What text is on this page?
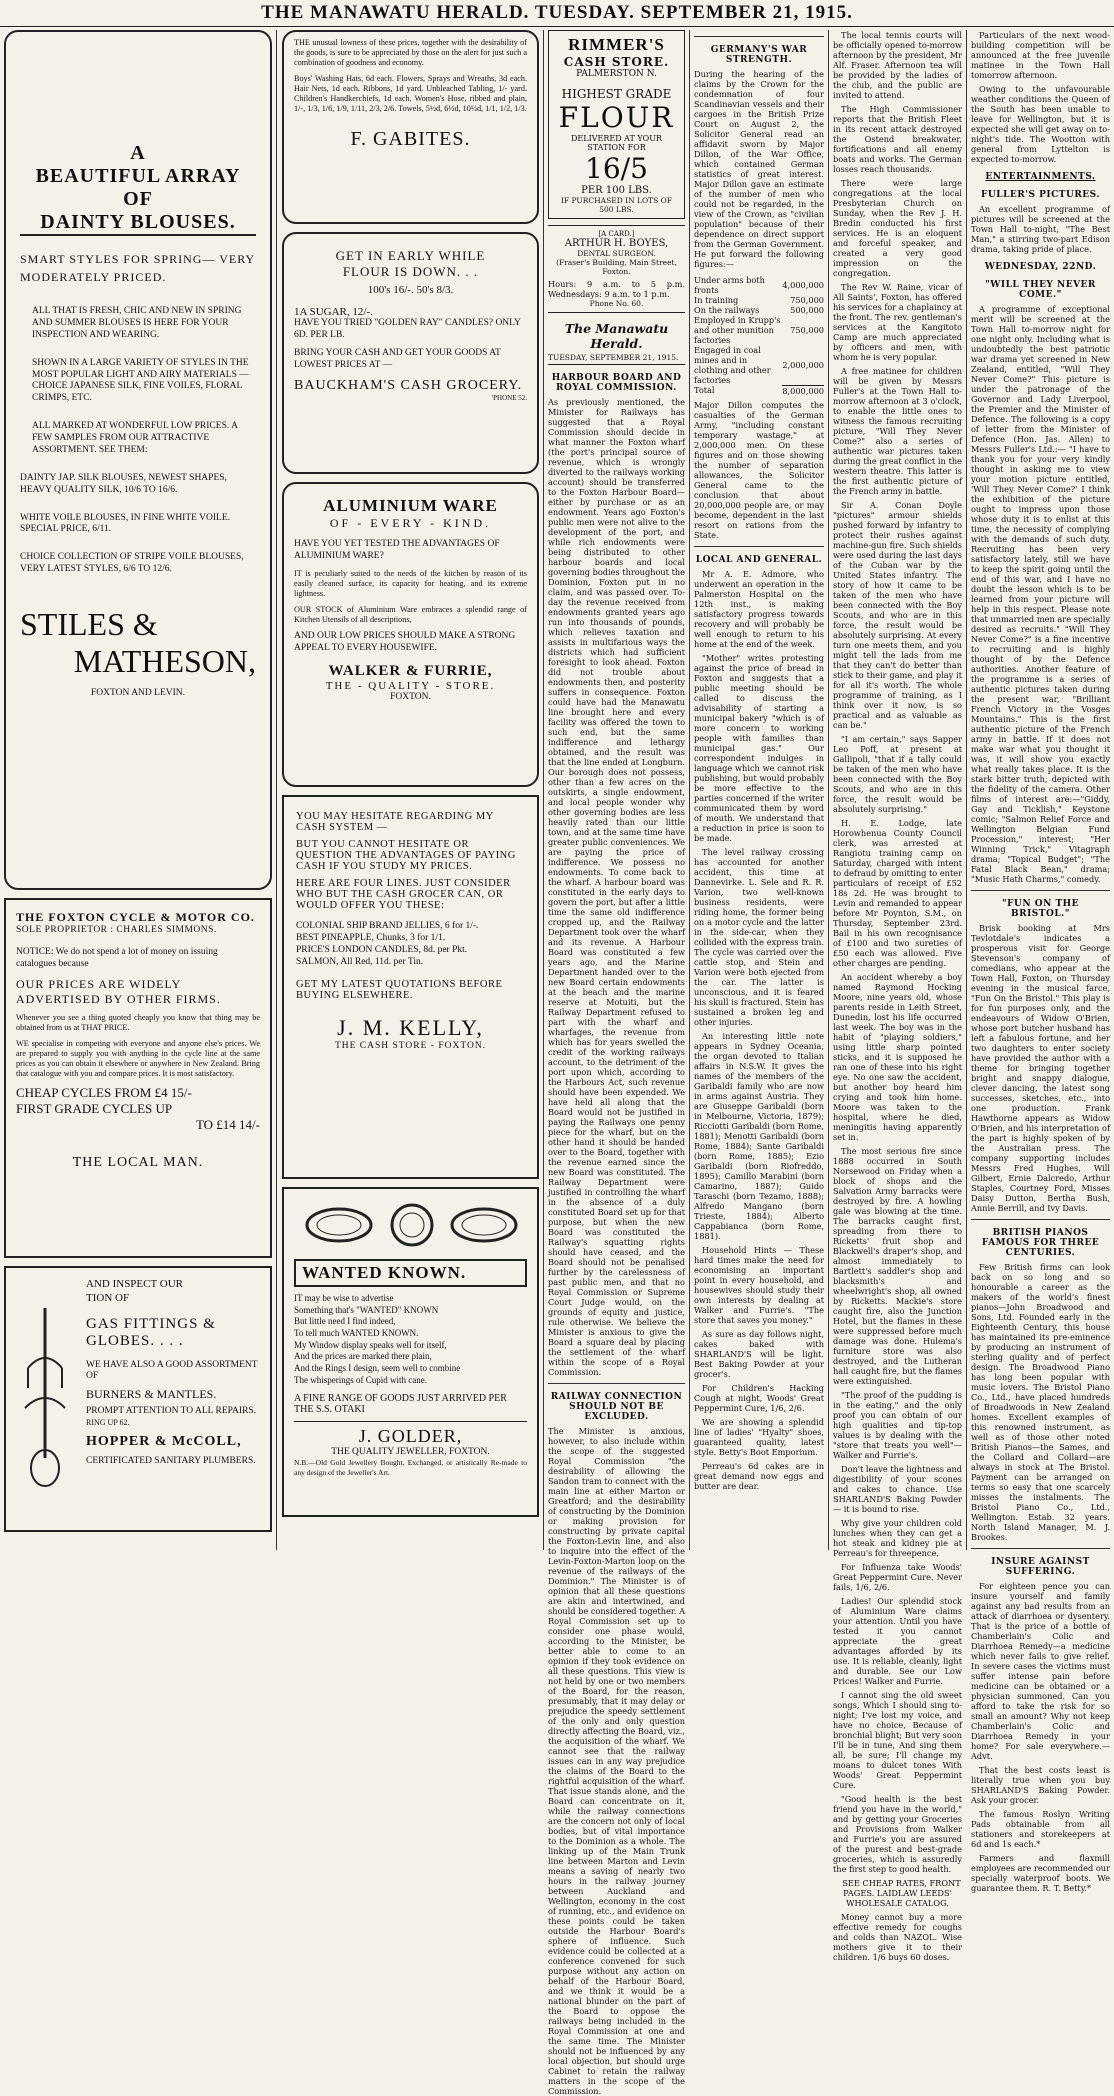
THE MANAWATU HERALD. TUESDAY. SEPTEMBER 21, 1915.
A
BEAUTIFUL ARRAY
OF
DAINTY BLOUSES.

SMART STYLES FOR SPRING— VERY MODERATELY PRICED.

ALL THAT IS FRESH, CHIC AND NEW IN SPRING AND SUMMER BLOUSES IS HERE FOR YOUR INSPECTION AND WEARING.

SHOWN IN A LARGE VARIETY OF STYLES IN THE MOST POPULAR LIGHT AND AIRY MATERIALS — CHOICE JAPANESE SILK, FINE VOILES, FLORAL CRIMPS, ETC.

ALL MARKED AT WONDERFUL LOW PRICES. A FEW SAMPLES FROM OUR ATTRACTIVE ASSORTMENT. SEE THEM:

DAINTY JAP. SILK BLOUSES, NEWEST SHAPES, HEAVY QUALITY SILK, 10/6 TO 16/6.

WHITE VOILE BLOUSES, IN FINE WHITE VOILE. SPECIAL PRICE, 6/11.

CHOICE COLLECTION OF STRIPE VOILE BLOUSES, VERY LATEST STYLES, 6/6 TO 12/6.

STILES &
MATHESON,
FOXTON AND LEVIN.
THE FOXTON CYCLE & MOTOR CO.
SOLE PROPRIETOR : CHARLES SIMMONS.

NOTICE: We do not spend a lot of money on issuing catalogues because

OUR PRICES ARE WIDELY ADVERTISED BY OTHER FIRMS.

Whenever you see a thing quoted cheaply you know that thing may be obtained from us at THAT PRICE.

WE specialise in competing with everyone and anyone else's prices. We are prepared to supply you with anything in the cycle line at the same prices as you can obtain it elsewhere or anywhere in New Zealand. Bring that catalogue with you and compare prices. It is most satisfactory.

CHEAP CYCLES FROM £4 15/-
FIRST GRADE CYCLES UP
TO £14 14/-
THE LOCAL MAN.
AND INSPECT OUR
TION OF
GAS FITTINGS & GLOBES. . . .
WE HAVE ALSO A GOOD ASSORTMENT OF
BURNERS & MANTLES.
PROMPT ATTENTION TO ALL REPAIRS.
RING UP 62.
HOPPER & McCOLL,
CERTIFICATED SANITARY PLUMBERS.

THE unusual lowness of these prices, together with the desirability of the goods, is sure to be appreciated by those on the alert for just such a combination of goodness and economy.

Boys' Washing Hats, 6d each. Flowers, Sprays and Wreaths, 3d each. Hair Nets, 1d each. Ribbons, 1d yard. Unbleached Tabling, 1/- yard. Children's Handkerchiefs, 1d each. Women's Hose, ribbed and plain, 1/-, 1/3, 1/6, 1/9, 1/11, 2/3, 2/6. Towels, 5½d, 6½d, 10½d, 1/1, 1/2, 1/3.

F. GABITES.
GET IN EARLY WHILE
FLOUR IS DOWN. . .
100's 16/-. 50's 8/3.
1A SUGAR, 12/-.

HAVE YOU TRIED "GOLDEN RAY" CANDLES? ONLY 6D. PER LB.

BRING YOUR CASH AND GET YOUR GOODS AT LOWEST PRICES AT —

BAUCKHAM'S CASH GROCERY.
'PHONE 52.
ALUMINIUM WARE
OF - EVERY - KIND.

HAVE YOU YET TESTED THE ADVANTAGES OF ALUMINIUM WARE?

IT is peculiarly suited to the needs of the kitchen by reason of its easily cleaned surface, its capacity for heating, and its extreme lightness.

OUR STOCK of Aluminium Ware embraces a splendid range of Kitchen Utensils of all descriptions,

AND OUR LOW PRICES SHOULD MAKE A STRONG APPEAL TO EVERY HOUSEWIFE.

WALKER & FURRIE,
THE - QUALITY - STORE.
FOXTON.

YOU MAY HESITATE REGARDING MY CASH SYSTEM —

BUT YOU CANNOT HESITATE OR QUESTION THE ADVANTAGES OF PAYING CASH IF YOU STUDY MY PRICES.

HERE ARE FOUR LINES. JUST CONSIDER WHO BUT THE CASH GROCER CAN, OR WOULD OFFER YOU THESE:

COLONIAL SHIP BRAND JELLIES, 6 for 1/-.
BEST PINEAPPLE, Chunks, 3 for 1/1.
PRICE'S LONDON CANDLES, 8d. per Pkt.
SALMON, All Red, 11d. per Tin.

GET MY LATEST QUOTATIONS BEFORE BUYING ELSEWHERE.

J. M. KELLY,
THE CASH STORE - FOXTON.
WANTED KNOWN.
IT may be wise to advertise
Something that's "WANTED" KNOWN
But little need I find indeed,
To tell much WANTED KNOWN.
My Window display speaks well for itself,
And the prices are marked there plain,
And the Rings I design, seem well to combine
The whisperings of Cupid with cane.

A FINE RANGE OF GOODS JUST ARRIVED PER THE S.S. OTAKI

J. GOLDER,
THE QUALITY JEWELLER, FOXTON.
N.B.—Old Gold Jewellery Bought, Exchanged, or artistically Re-made to any design of the Jeweller's Art.
RIMMER'S
CASH STORE.
PALMERSTON N.
HIGHEST GRADE
FLOUR
DELIVERED AT YOUR STATION FOR
16/5
PER 100 LBS.
IF PURCHASED IN LOTS OF 500 LBS.
[A CARD.]
ARTHUR H. BOYES,
DENTAL SURGEON.
(Fraser's Building, Main Street, Foxton.
Hours: 9 a.m. to 5 p.m. Wednesdays: 9 a.m. to 1 p.m.
Phone No. 60.
The Manawatu Herald.
TUESDAY, SEPTEMBER 21, 1915.
HARBOUR BOARD AND ROYAL COMMISSION.
As previously mentioned, the Minister for Railways has suggested that a Royal Commission should decide in what manner the Foxton wharf (the port's principal source of revenue, which is wrongly diverted to the railways working account) should be transferred to the Foxton Harbour Board—either by purchase or as an endowment. Years ago Foxton's public men were not alive to the development of the port, and while rich endowments were being distributed to other harbour boards and local governing bodies throughout the Dominion, Foxton put in no claim, and was passed over. To-day the revenue received from endowments granted years ago run into thousands of pounds, which relieves taxation and assists in multifarious ways the districts which had sufficient foresight to look ahead. Foxton did not trouble about endowments then, and posterity suffers in consequence. Foxton could have had the Manawatu line brought here and every facility was offered the town to such end, but the same indifference and lethargy obtained, and the result was that the line ended at Longburn. Our borough does not possess, other than a few acres on the outskirts, a single endowment, and local people wonder why other governing bodies are less heavily rated than our little town, and at the same time have greater public conveniences. We are paying the price of indifference. We possess no endowments. To come back to the wharf. A harbour board was constituted in the early days to govern the port, but after a little time the same old indifference cropped up, and the Railway Department took over the wharf and its revenue. A Harbour Board was constituted a few years ago, and the Marine Department handed over to the new Board certain endowments at the beach and the marine reserve at Motuiti, but the Railway Department refused to part with the wharf and wharfages, the revenue from which has for years swelled the credit of the working railways account, to the detriment of the port upon which, according to the Harbours Act, such revenue should have been expended. We have held all along that the Board would not be justified in paying the Railways one penny piece for the wharf, but on the other hand it should be handed over to the Board, together with the revenue earned since the new Board was constituted. The Railway Department were justified in controlling the wharf in the absence of a duly constituted Board set up for that purpose, but when the new Board was constituted the Railway's squatting rights should have ceased, and the Board should not be penalised further by the carelessness of past public men, and that no Royal Commission or Supreme Court Judge would, on the grounds of equity and justice, rule otherwise. We believe the Minister is anxious to give the Board a square deal by placing the settlement of the wharf within the scope of a Royal Commission.
RAILWAY CONNECTION SHOULD NOT BE EXCLUDED.
The Minister is anxious, however, to also include within the scope of the suggested Royal Commission "the desirability of allowing the Sandon tram to connect with the main line at either Marton or Greatford; and the desirability of constructing by the Dominion or making provision for constructing by private capital the Foxton-Levin line, and also to inquire into the effect of the Levin-Foxton-Marton loop on the revenue of the railways of the Dominion." The Minister is of opinion that all these questions are akin and intertwined, and should be considered together. A Royal Commission set up to consider one phase would, according to the Minister, be better able to come to an opinion if they took evidence on all these questions. This view is not held by one or two members of the Board, for the reason, presumably, that it may delay or prejudice the speedy settlement of the only and only question directly affecting the Board, viz., the acquisition of the wharf. We cannot see that the railway issues can in any way prejudice the claims of the Board to the rightful acquisition of the wharf. That issue stands alone, and the Board can concentrate on it, while the railway connections are the concern not only of local bodies, but of vital importance to the Dominion as a whole. The linking up of the Main Trunk line between Marton and Levin means a saving of nearly two hours in the railway journey between Auckland and Wellington, economy in the cost of running, etc., and evidence on these points could be taken outside the Harbour Board's sphere of influence. Such evidence could be collected at a conference convened for such purpose without any action on behalf of the Harbour Board, and we think it would be a national blunder on the part of the Board to oppose the railways being included in the Royal Commission at one and the same time. The Minister should not be influenced by any local objection, but should urge Cabinet to retain the railway matters in the scope of the Commission.
GERMANY'S WAR STRENGTH.

During the hearing of the claims by the Crown for the condemnation of four Scandinavian vessels and their cargoes in the British Prize Court on August 2, the Solicitor General read an affidavit sworn by Major Dillon, of the War Office, which contained German statistics of great interest. Major Dillon gave an estimate of the number of men who could not be regarded, in the view of the Crown, as "civilian population" because of their dependence on direct support from the German Government. He put forward the following figures:—

Under arms both fronts	4,000,000
In training	750,000
On the railways	500,000
Employed in Krupp's and other munition factories	750,000
Engaged in coal mines and in clothing and other factories	2,000,000
Total	8,000,000

Major Dillon computes the casualties of the German Army, "including constant temporary wastage," at 2,000,000 men. On these figures and on those showing the number of separation allowances, the Solicitor General came to the conclusion that about 20,000,000 people are, or may become, dependent in the last resort on rations from the State.

LOCAL AND GENERAL.

Mr A. E. Admore, who underwent an operation in the Palmerston Hospital on the 12th inst., is making satisfactory progress towards recovery and will probably be well enough to return to his home at the end of the week.

"Mother" writes protesting against the price of bread in Foxton and suggests that a public meeting should be called to discuss the advisability of starting a municipal bakery "which is of more concern to working people with families than municipal gas." Our correspondent indulges in language which we cannot risk publishing, but would probably be more effective to the parties concerned if the writer communicated them by word of mouth. We understand that a reduction in price is soon to be made.

The level railway crossing has accounted for another accident, this time at Dannevirke. L. Sele and R. R. Varion, two well-known business residents, were riding home, the former being on a motor cycle and the latter in the side-car, when they collided with the express train. The cycle was carried over the cattle stop, and Stein and Varion were both ejected from the car. The latter is unconscious, and it is feared his skull is fractured. Stein has sustained a broken leg and other injuries.

An interesting little note appears in Sydney Oceania, the organ devoted to Italian affairs in N.S.W. It gives the names of the members of the Garibaldi family who are now in arms against Austria. They are Giuseppe Garibaldi (born in Melbourne, Victoria, 1879); Ricciotti Garibaldi (born Rome, 1881); Menotti Garibaldi (born Rome, 1884); Sante Garibaldi (born Rome, 1885); Ezio Garibaldi (born Riofreddo, 1895); Camillo Marabini (born Camarino, 1887); Guido Taraschi (born Tezamo, 1888); Alfredo Mangano (born Trieste, 1884); Alberto Cappabianca (born Rome, 1881).

Household Hints — These hard times make the need for economising an important point in every household, and housewives should study their own interests by dealing at Walker and Furrie's. "The store that saves you money."

As sure as day follows night, cakes baked with SHARLAND'S will be light. Best Baking Powder at your grocer's.

For Children's Hacking Cough at night, Woods' Great Peppermint Cure, 1/6, 2/6.

We are showing a splendid line of ladies' "Hyalty" shoes, guaranteed quality, latest style. Betty's Boot Emporium.

Perreau's 6d cakes are in great demand now eggs and butter are dear.

The local tennis courts will be officially opened to-morrow afternoon by the president, Mr Alf. Fraser. Afternoon tea will be provided by the ladies of the club, and the public are invited to attend.

The High Commissioner reports that the British Fleet in its recent attack destroyed the Ostend breakwater, fortifications and all enemy boats and works. The German losses reach thousands.

There were large congregations at the local Presbyterian Church on Sunday, when the Rev J. H. Bredin conducted his first services. He is an eloquent and forceful speaker, and created a very good impression on the congregation.

The Rev W. Raine, vicar of All Saints', Foxton, has offered his services for a chaplaincy at the front. The rev. gentleman's services at the Kangitoto Camp are much appreciated by officers and men, with whom he is very popular.

A free matinee for children will be given by Messrs Fuller's at the Town Hall to-morrow afternoon at 3 o'clock, to enable the little ones to witness the famous recruiting picture, "Will They Never Come?" also a series of authentic war pictures taken during the great conflict in the western theatre. This latter is the first authentic picture of the French army in battle.

Sir A. Conan Doyle "pictures" armour shields pushed forward by infantry to protect their rushes against machine-gun fire. Such shields were used during the last days of the Cuban war by the United States infantry. The story of how it came to be taken of the men who have been connected with the Boy Scouts, and who are in this force, the result would be absolutely surprising. At every turn one meets them, and you might tell the lads from me that they can't do better than stick to their game, and play it for all it's worth. The whole programme of training, as I think over it now, is so practical and as valuable as can be."

"I am certain," says Sapper Leo Poff, at present at Gallipoli, "that if a tally could be taken of the men who have been connected with the Boy Scouts, and who are in this force, the result would be absolutely surprising."

H. E. Lodge, late Horowhenua County Council clerk, was arrested at Rangiotu training camp on Saturday, charged with intent to defraud by omitting to enter particulars of receipt of £52 18s 2d. He was brought to Levin and remanded to appear before Mr Poynton, S.M., on Thursday, September 23rd. Bail in his own recognisance of £100 and two sureties of £50 each was allowed. Five other charges are pending.

An accident whereby a boy named Raymond Hocking Moore, nine years old, whose parents reside in Leith Street, Dunedin, lost his life occurred last week. The boy was in the habit of "playing soldiers," using little sharp pointed sticks, and it is supposed he ran one of these into his right eye. No one saw the accident, but another boy heard him crying and took him home. Moore was taken to the hospital, where he died, meningitis having apparently set in.

The most serious fire since 1888 occurred in South Norsewood on Friday when a block of shops and the Salvation Army barracks were destroyed by fire. A howling gale was blowing at the time. The barracks caught first, spreading from there to Ricketts' fruit shop and Blackwell's draper's shop, and almost immediately to Bartlett's saddler's shop and blacksmith's and wheelwright's shop, all owned by Ricketts. Mackie's store caught fire, also the Junction Hotel, but the flames in these were suppressed before much damage was done. Hulema's furniture store was also destroyed, and the Lutheran hall caught fire, but the flames were extinguished.

"The proof of the pudding is in the eating," and the only proof you can obtain of our high qualities and tip-top values is by dealing with the "store that treats you well"—Walker and Furrie's.

Don't leave the lightness and digestibility of your scones and cakes to chance. Use SHARLAND'S Baking Powder — it is bound to rise.

Why give your children cold lunches when they can get a hot steak and kidney pie at Perreau's for threepence.

For Influenza take Woods' Great Peppermint Cure. Never fails, 1/6, 2/6.

Ladies! Our splendid stock of Aluminium Ware claims your attention. Until you have tested it you cannot appreciate the great advantages afforded by its use. It is reliable, cleanly, light and durable. See our Low Prices! Walker and Furrie.

I cannot sing the old sweet songs, Which I should sing to-night; I've lost my voice, and have no choice, Because of bronchial blight; But very soon I'll be in tune, And sing them all, be sure; I'll change my moans to dulcet tones With Woods' Great Peppermint Cure.

"Good health is the best friend you have in the world," and by getting your Groceries and Provisions from Walker and Furrie's you are assured of the purest and best-grade groceries, which is assuredly the first step to good health.

SEE CHEAP RATES, FRONT PAGES. LAIDLAW LEEDS' WHOLESALE CATALOG.

Money cannot buy a more effective remedy for coughs and colds than NAZOL. Wise mothers give it to their children. 1/6 buys 60 doses.

Particulars of the next wood-building competition will be announced at the free juvenile matinee in the Town Hall tomorrow afternoon.

Owing to the unfavourable weather conditions the Queen of the South has been unable to leave for Wellington, but it is expected she will get away on to-night's tide. The Wootton with general from Lyttelton is expected to-morrow.

ENTERTAINMENTS.
FULLER'S PICTURES.

An excellent programme of pictures will be screened at the Town Hall to-night, "The Best Man," a stirring two-part Edison drama, taking pride of place.

WEDNESDAY, 22ND.
"WILL THEY NEVER COME."

A programme of exceptional merit will be screened at the Town Hall to-morrow night for one night only. Including what is undoubtedly the best patriotic war drama yet screened in New Zealand, entitled, "Will They Never Come?" This picture is under the patronage of the Governor and Lady Liverpool, the Premier and the Minister of Defence. The following is a copy of letter from the Minister of Defence (Hon. Jas. Allen) to Messrs Fuller's Ltd.:— "I have to thank you for your very kindly thought in asking me to view your motion picture entitled, 'Will They Never Come?' I think the exhibition of the picture ought to impress upon those whose duty it is to enlist at this time, the necessity of complying with the demands of such duty. Recruiting has been very satisfactory lately, still we have to keep the spirit going until the end of this war, and I have no doubt the lesson which is to be learned from your picture will help in this respect. Please note that unmarried men are specially desired as recruits." "Will They Never Come?" is a fine incentive to recruiting and is highly thought of by the Defence authorities. Another feature of the programme is a series of authentic pictures taken during the present war, "Brilliant French Victory in the Vosges Mountains." This is the first authentic picture of the French army in battle. If it does not make war what you thought it was, it will show you exactly what really takes place. It is the stark bitter truth, depicted with the fidelity of the camera. Other films of interest are:—"Giddy, Gay and Ticklish," Keystone comic; "Salmon Relief Force and Wellington Belgian Fund Procession," interest; "Her Winning Trick," Vitagraph drama; "Topical Budget"; "The Fatal Black Bean," drama; "Music Hath Charms," comedy.

"FUN ON THE BRISTOL."

Brisk booking at Mrs Tevlotdale's indicates a prosperous visit for George Stevenson's company of comedians, who appear at the Town Hall, Foxton, on Thursday evening in the musical farce, "Fun On the Bristol." This play is for fun purposes only, and the endeavours of Widow O'Brien, whose port butcher husband has left a fabulous fortune, and her two daughters to enter society have provided the author with a theme for bringing together bright and snappy dialogue, clever dancing, the latest song successes, sketches, etc., into one production. Frank Hawthorne appears as Widow O'Brien, and his interpretation of the part is highly spoken of by the Australian press. The company supporting includes Messrs Fred Hughes, Will Gilbert, Ernie Dalcredo, Arthur Staples, Courtney Ford, Misses Daisy Dutton, Bertha Bush, Annie Berrill, and Ivy Davis.

BRITISH PIANOS FAMOUS FOR THREE CENTURIES.

Few British firms can look back on so long and so honourable a career as the makers of the world's finest pianos—John Broadwood and Sons, Ltd. Founded early in the Eighteenth Century, this house has maintained its pre-eminence by producing an instrument of sterling quality and of perfect design. The Broadwood Piano has long been popular with music lovers. The Bristol Piano Co., Ltd., have placed hundreds of Broadwoods in New Zealand homes. Excellent examples of this renowned instrument, as well as of those other noted British Pianos—the Sames, and the Collard and Collard—are always in stock at The Bristol. Payment can be arranged on terms so easy that one scarcely misses the instalments. The Bristol Piano Co., Ltd., Wellington. Estab. 32 years. North Island Manager, M. J. Brookes.

INSURE AGAINST SUFFERING.

For eighteen pence you can insure yourself and family against any bad results from an attack of diarrhoea or dysentery. That is the price of a bottle of Chamberlain's Colic and Diarrhoea Remedy—a medicine which never fails to give relief. In severe cases the victims must suffer intense pain before medicine can be obtained or a physician summoned. Can you afford to take the risk for so small an amount? Why not keep Chamberlain's Colic and Diarrhoea Remedy in your home? For sale everywhere.—Advt.

That the best costs least is literally true when you buy SHARLAND'S Baking Powder. Ask your grocer.

The famous Roslyn Writing Pads obtainable from all stationers and storekeepers at 6d and 1s each.*

Farmers and flaxmill employees are recommended our specially waterproof boots. We guarantee them. R. T. Betty.*
